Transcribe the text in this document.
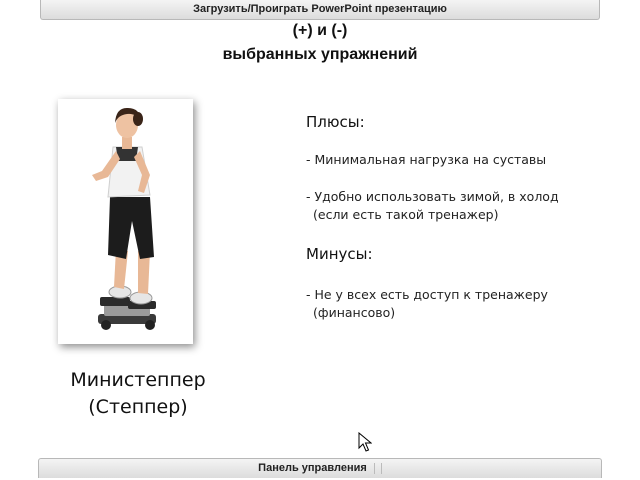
Загрузить/Проиграть PowerPoint презентацию
(+) и (-)
выбранных упражнений
Министеппер
(Степпер)
Плюсы:
- Минимальная нагрузка на суставы
- Удобно использовать зимой, в холод
(если есть такой тренажер)
Минусы:
- Не у всех есть доступ к тренажеру
(финансово)
Панель управления
